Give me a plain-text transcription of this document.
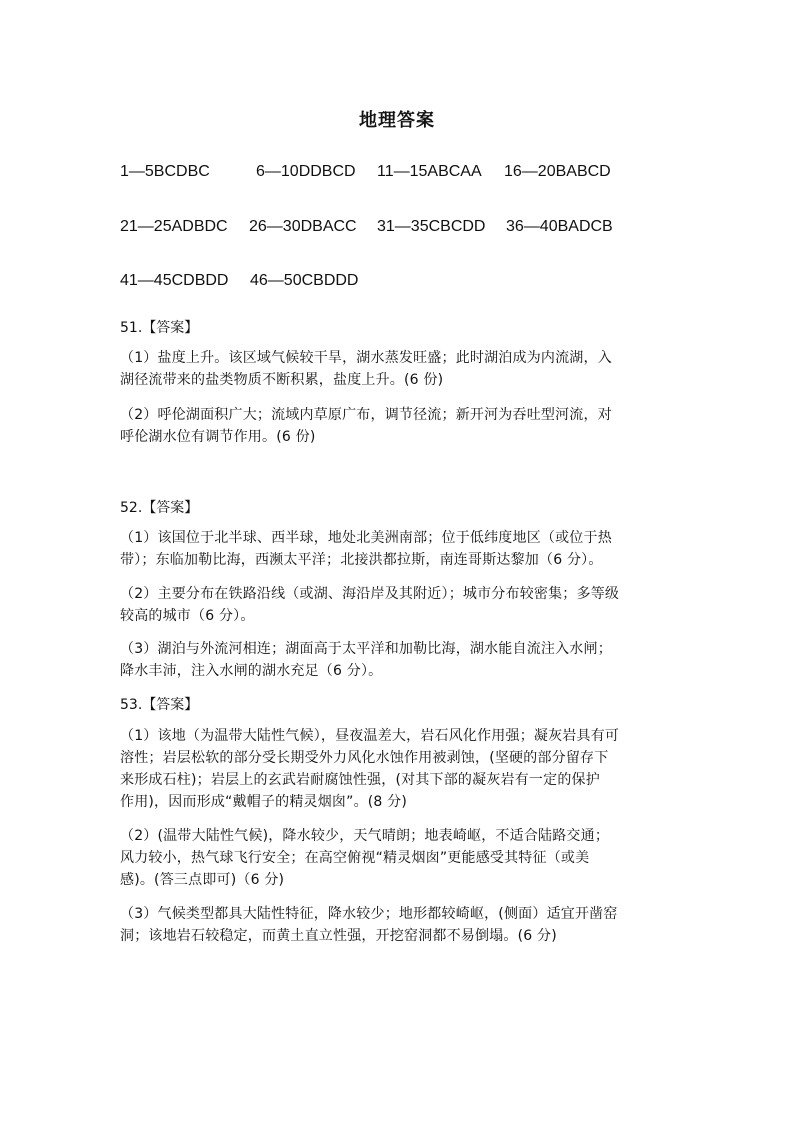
地理答案
1—5BCDBC	6—10DDBCD 11—15ABCAA 16—20BABCD
21—25ADBDC 26—30DBACC 31—35CBCDD 36—40BADCB
41—45CDBDD 46—50CBDDD
51.【答案】
（1）盐度上升。该区域气候较干旱，湖水蒸发旺盛；此时湖泊成为内流湖，入
湖径流带来的盐类物质不断积累，盐度上升。(6 份)
（2）呼伦湖面积广大；流域内草原广布，调节径流；新开河为吞吐型河流，对
呼伦湖水位有调节作用。(6 份)
52.【答案】
（1）该国位于北半球、西半球，地处北美洲南部；位于低纬度地区（或位于热
带）；东临加勒比海，西濒太平洋；北接洪都拉斯，南连哥斯达黎加（6 分）。
（2）主要分布在铁路沿线（或湖、海沿岸及其附近）；城市分布较密集；多等级
较高的城市（6 分）。
（3）湖泊与外流河相连；湖面高于太平洋和加勒比海，湖水能自流注入水闸；
降水丰沛，注入水闸的湖水充足（6 分）。
53.【答案】
（1）该地（为温带大陆性气候），昼夜温差大，岩石风化作用强；凝灰岩具有可
溶性；岩层松软的部分受长期受外力风化水蚀作用被剥蚀，(坚硬的部分留存下
来形成石柱)；岩层上的玄武岩耐腐蚀性强，(对其下部的凝灰岩有一定的保护
作用)，因而形成“戴帽子的精灵烟囱”。(8 分)
（2）(温带大陆性气候)，降水较少，天气晴朗；地表崎岖，不适合陆路交通；
风力较小，热气球飞行安全；在高空俯视“精灵烟囱”更能感受其特征（或美
感)。(答三点即可)（6 分)
（3）气候类型都具大陆性特征，降水较少；地形都较崎岖，(侧面）适宜开凿窑
洞；该地岩石较稳定，而黄土直立性强，开挖窑洞都不易倒塌。(6 分)
